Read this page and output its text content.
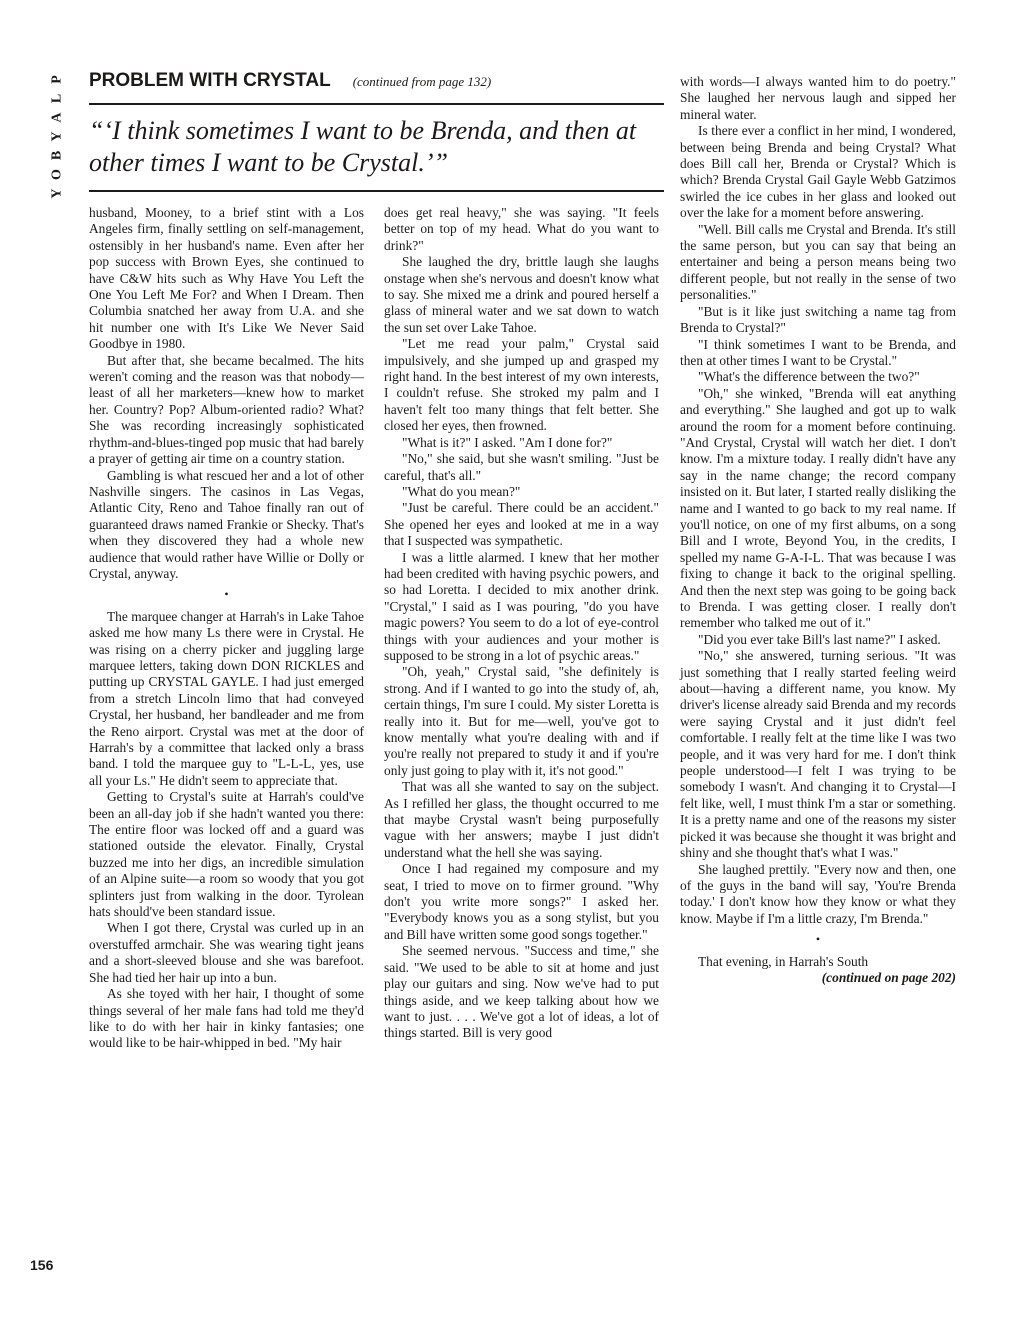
P
L
A
Y
B
O
Y
PROBLEM WITH CRYSTAL (continued from page 132)
“‘I think sometimes I want to be Brenda, and then at other times I want to be Crystal.’”

husband, Mooney, to a brief stint with a Los Angeles firm, finally settling on self-management, ostensibly in her husband's name. Even after her pop success with Brown Eyes, she continued to have C&W hits such as Why Have You Left the One You Left Me For? and When I Dream. Then Columbia snatched her away from U.A. and she hit number one with It's Like We Never Said Goodbye in 1980.

But after that, she became becalmed. The hits weren't coming and the reason was that nobody—least of all her marketers—knew how to market her. Country? Pop? Album-oriented radio? What? She was recording increasingly sophisticated rhythm-and-blues-tinged pop music that had barely a prayer of getting air time on a country station.

Gambling is what rescued her and a lot of other Nashville singers. The casinos in Las Vegas, Atlantic City, Reno and Tahoe finally ran out of guaranteed draws named Frankie or Shecky. That's when they discovered they had a whole new audience that would rather have Willie or Dolly or Crystal, anyway.

•

The marquee changer at Harrah's in Lake Tahoe asked me how many Ls there were in Crystal. He was rising on a cherry picker and juggling large marquee letters, taking down DON RICKLES and putting up CRYSTAL GAYLE. I had just emerged from a stretch Lincoln limo that had conveyed Crystal, her husband, her bandleader and me from the Reno airport. Crystal was met at the door of Harrah's by a committee that lacked only a brass band. I told the marquee guy to "L-L-L, yes, use all your Ls." He didn't seem to appreciate that.

Getting to Crystal's suite at Harrah's could've been an all-day job if she hadn't wanted you there: The entire floor was locked off and a guard was stationed outside the elevator. Finally, Crystal buzzed me into her digs, an incredible simulation of an Alpine suite—a room so woody that you got splinters just from walking in the door. Tyrolean hats should've been standard issue.

When I got there, Crystal was curled up in an overstuffed armchair. She was wearing tight jeans and a short-sleeved blouse and she was barefoot. She had tied her hair up into a bun.

As she toyed with her hair, I thought of some things several of her male fans had told me they'd like to do with her hair in kinky fantasies; one would like to be hair-whipped in bed. "My hair

does get real heavy," she was saying. "It feels better on top of my head. What do you want to drink?"

She laughed the dry, brittle laugh she laughs onstage when she's nervous and doesn't know what to say. She mixed me a drink and poured herself a glass of mineral water and we sat down to watch the sun set over Lake Tahoe.

"Let me read your palm," Crystal said impulsively, and she jumped up and grasped my right hand. In the best interest of my own interests, I couldn't refuse. She stroked my palm and I haven't felt too many things that felt better. She closed her eyes, then frowned.

"What is it?" I asked. "Am I done for?"

"No," she said, but she wasn't smiling. "Just be careful, that's all."

"What do you mean?"

"Just be careful. There could be an accident." She opened her eyes and looked at me in a way that I suspected was sympathetic.

I was a little alarmed. I knew that her mother had been credited with having psychic powers, and so had Loretta. I decided to mix another drink. "Crystal," I said as I was pouring, "do you have magic powers? You seem to do a lot of eye-control things with your audiences and your mother is supposed to be strong in a lot of psychic areas."

"Oh, yeah," Crystal said, "she definitely is strong. And if I wanted to go into the study of, ah, certain things, I'm sure I could. My sister Loretta is really into it. But for me—well, you've got to know mentally what you're dealing with and if you're really not prepared to study it and if you're only just going to play with it, it's not good."

That was all she wanted to say on the subject. As I refilled her glass, the thought occurred to me that maybe Crystal wasn't being purposefully vague with her answers; maybe I just didn't understand what the hell she was saying.

Once I had regained my composure and my seat, I tried to move on to firmer ground. "Why don't you write more songs?" I asked her. "Everybody knows you as a song stylist, but you and Bill have written some good songs together."

She seemed nervous. "Success and time," she said. "We used to be able to sit at home and just play our guitars and sing. Now we've had to put things aside, and we keep talking about how we want to just. . . . We've got a lot of ideas, a lot of things started. Bill is very good

with words—I always wanted him to do poetry." She laughed her nervous laugh and sipped her mineral water.

Is there ever a conflict in her mind, I wondered, between being Brenda and being Crystal? What does Bill call her, Brenda or Crystal? Which is which? Brenda Crystal Gail Gayle Webb Gatzimos swirled the ice cubes in her glass and looked out over the lake for a moment before answering.

"Well. Bill calls me Crystal and Brenda. It's still the same person, but you can say that being an entertainer and being a person means being two different people, but not really in the sense of two personalities."

"But is it like just switching a name tag from Brenda to Crystal?"

"I think sometimes I want to be Brenda, and then at other times I want to be Crystal."

"What's the difference between the two?"

"Oh," she winked, "Brenda will eat anything and everything." She laughed and got up to walk around the room for a moment before continuing. "And Crystal, Crystal will watch her diet. I don't know. I'm a mixture today. I really didn't have any say in the name change; the record company insisted on it. But later, I started really disliking the name and I wanted to go back to my real name. If you'll notice, on one of my first albums, on a song Bill and I wrote, Beyond You, in the credits, I spelled my name G-A-I-L. That was because I was fixing to change it back to the original spelling. And then the next step was going to be going back to Brenda. I was getting closer. I really don't remember who talked me out of it."

"Did you ever take Bill's last name?" I asked.

"No," she answered, turning serious. "It was just something that I really started feeling weird about—having a different name, you know. My driver's license already said Brenda and my records were saying Crystal and it just didn't feel comfortable. I really felt at the time like I was two people, and it was very hard for me. I don't think people understood—I felt I was trying to be somebody I wasn't. And changing it to Crystal—I felt like, well, I must think I'm a star or something. It is a pretty name and one of the reasons my sister picked it was because she thought it was bright and shiny and she thought that's what I was."

She laughed prettily. "Every now and then, one of the guys in the band will say, 'You're Brenda today.' I don't know how they know or what they know. Maybe if I'm a little crazy, I'm Brenda."

•

That evening, in Harrah's South

(continued on page 202)

156
